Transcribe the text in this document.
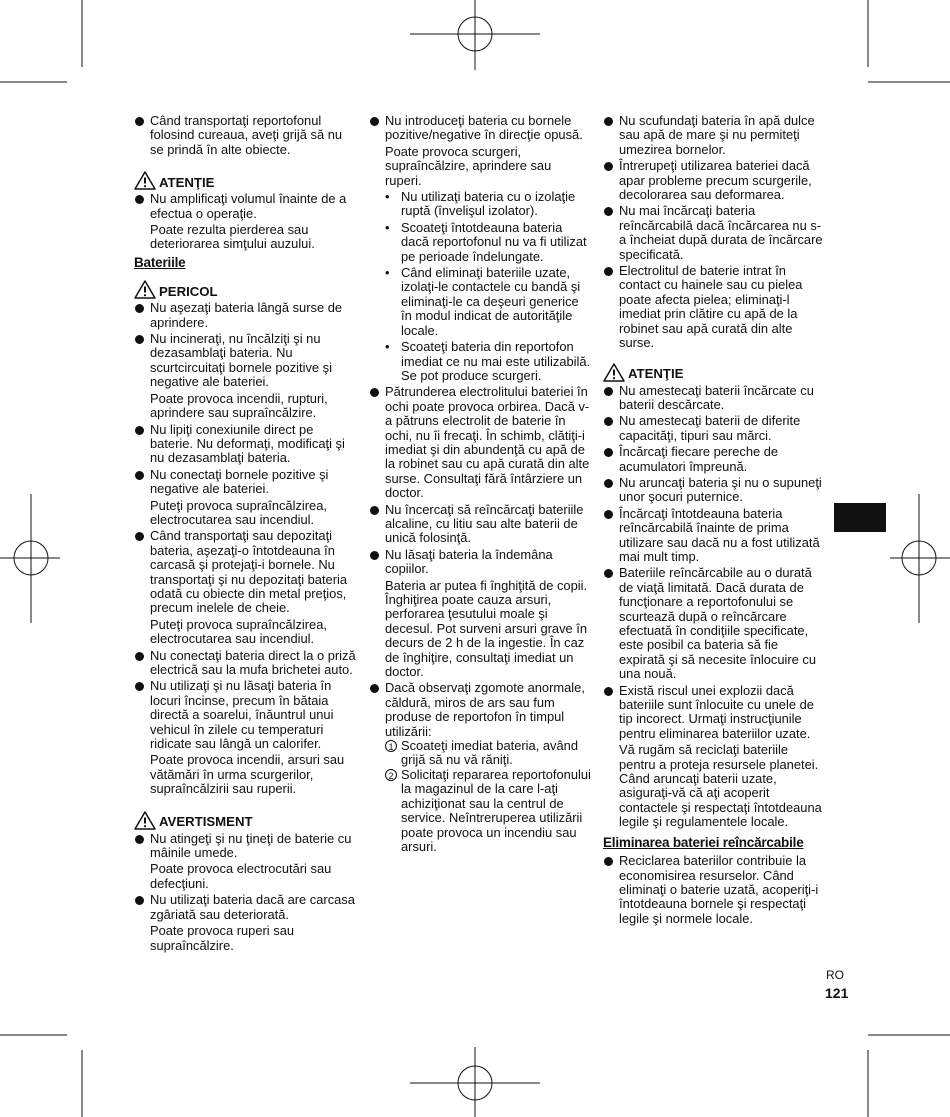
Când transportaţi reportofonul folosind cureaua, aveţi grijă să nu se prindă în alte obiecte.
ATENŢIE
Nu amplificaţi volumul înainte de a efectua o operaţie.
Poate rezulta pierderea sau deteriorarea simţului auzului.
Bateriile
PERICOL
Nu aşezaţi bateria lângă surse de aprindere.
Nu incineraţi, nu încălziţi şi nu dezasamblaţi bateria. Nu scurtcircuitaţi bornele pozitive şi negative ale bateriei.
Poate provoca incendii, rupturi, aprindere sau supraîncălzire.
Nu lipiţi conexiunile direct pe baterie. Nu deformaţi, modificaţi şi nu dezasamblaţi bateria.
Nu conectaţi bornele pozitive şi negative ale bateriei.
Puteţi provoca supraîncălzirea, electrocutarea sau incendiul.
Când transportaţi sau depozitaţi bateria, aşezaţi-o întotdeauna în carcasă şi protejaţi-i bornele. Nu transportaţi şi nu depozitaţi bateria odată cu obiecte din metal preţios, precum inelele de cheie.
Puteţi provoca supraîncălzirea, electrocutarea sau incendiul.
Nu conectaţi bateria direct la o priză electrică sau la mufa brichetei auto.
Nu utilizaţi şi nu lăsaţi bateria în locuri încinse, precum în bătaia directă a soarelui, înăuntrul unui vehicul în zilele cu temperaturi ridicate sau lângă un calorifer.
Poate provoca incendii, arsuri sau vătămări în urma scurgerilor, supraîncălzirii sau ruperii.
AVERTISMENT
Nu atingeţi şi nu ţineţi de baterie cu mâinile umede.
Poate provoca electrocutări sau defecţiuni.
Nu utilizaţi bateria dacă are carcasa zgâriată sau deteriorată.
Poate provoca ruperi sau supraîncălzire.
Nu introduceţi bateria cu bornele pozitive/negative în direcţie opusă.
Poate provoca scurgeri, supraîncălzire, aprindere sau ruperi.
• Nu utilizaţi bateria cu o izolaţie ruptă (învelişul izolator).
• Scoateţi întotdeauna bateria dacă reportofonul nu va fi utilizat pe perioade îndelungate.
• Când eliminaţi bateriile uzate, izolaţi-le contactele cu bandă şi eliminaţi-le ca deşeuri generice în modul indicat de autorităţile locale.
• Scoateţi bateria din reportofon imediat ce nu mai este utilizabilă. Se pot produce scurgeri.
Pătrunderea electrolitului bateriei în ochi poate provoca orbirea. Dacă v-a pătruns electrolit de baterie în ochi, nu îi frecaţi. În schimb, clătiţi-i imediat şi din abundenţă cu apă de la robinet sau cu apă curată din alte surse. Consultaţi fără întârziere un doctor.
Nu încercaţi să reîncărcaţi bateriile alcaline, cu litiu sau alte baterii de unică folosinţă.
Nu lăsaţi bateria la îndemâna copiilor.
Bateria ar putea fi înghiţită de copii. Înghiţirea poate cauza arsuri, perforarea ţesutului moale şi decesul. Pot surveni arsuri grave în decurs de 2 h de la ingestie. În caz de înghiţire, consultaţi imediat un doctor.
Dacă observaţi zgomote anormale, căldură, miros de ars sau fum produse de reportofon în timpul utilizării:
1 Scoateţi imediat bateria, având grijă să nu vă răniţi.
2 Solicitaţi repararea reportofonului la magazinul de la care l-aţi achiziţionat sau la centrul de service. Neîntreruperea utilizării poate provoca un incendiu sau arsuri.
Nu scufundaţi bateria în apă dulce sau apă de mare şi nu permiteţi umezirea bornelor.
Întrerupeţi utilizarea bateriei dacă apar probleme precum scurgerile, decolorarea sau deformarea.
Nu mai încărcaţi bateria reîncărcabilă dacă încărcarea nu s-a încheiat după durata de încărcare specificată.
Electrolitul de baterie intrat în contact cu hainele sau cu pielea poate afecta pielea; eliminaţi-l imediat prin clătire cu apă de la robinet sau apă curată din alte surse.
ATENŢIE
Nu amestecaţi baterii încărcate cu baterii descărcate.
Nu amestecaţi baterii de diferite capacităţi, tipuri sau mărci.
Încărcaţi fiecare pereche de acumulatori împreună.
Nu aruncaţi bateria şi nu o supuneţi unor şocuri puternice.
Încărcaţi întotdeauna bateria reîncărcabilă înainte de prima utilizare sau dacă nu a fost utilizată mai mult timp.
Bateriile reîncărcabile au o durată de viaţă limitată. Dacă durata de funcţionare a reportofonului se scurtează după o reîncărcare efectuată în condiţiile specificate, este posibil ca bateria să fie expirată şi să necesite înlocuire cu una nouă.
Există riscul unei explozii dacă bateriile sunt înlocuite cu unele de tip incorect. Urmaţi instrucţiunile pentru eliminarea bateriilor uzate.
Vă rugăm să reciclaţi bateriile pentru a proteja resursele planetei. Când aruncaţi baterii uzate, asiguraţi-vă că aţi acoperit contactele şi respectaţi întotdeauna legile şi regulamentele locale.
Eliminarea bateriei reîncărcabile
Reciclarea bateriilor contribuie la economisirea resurselor. Când eliminaţi o baterie uzată, acoperiţi-i întotdeauna bornele şi respectaţi legile şi normele locale.
RO
121
